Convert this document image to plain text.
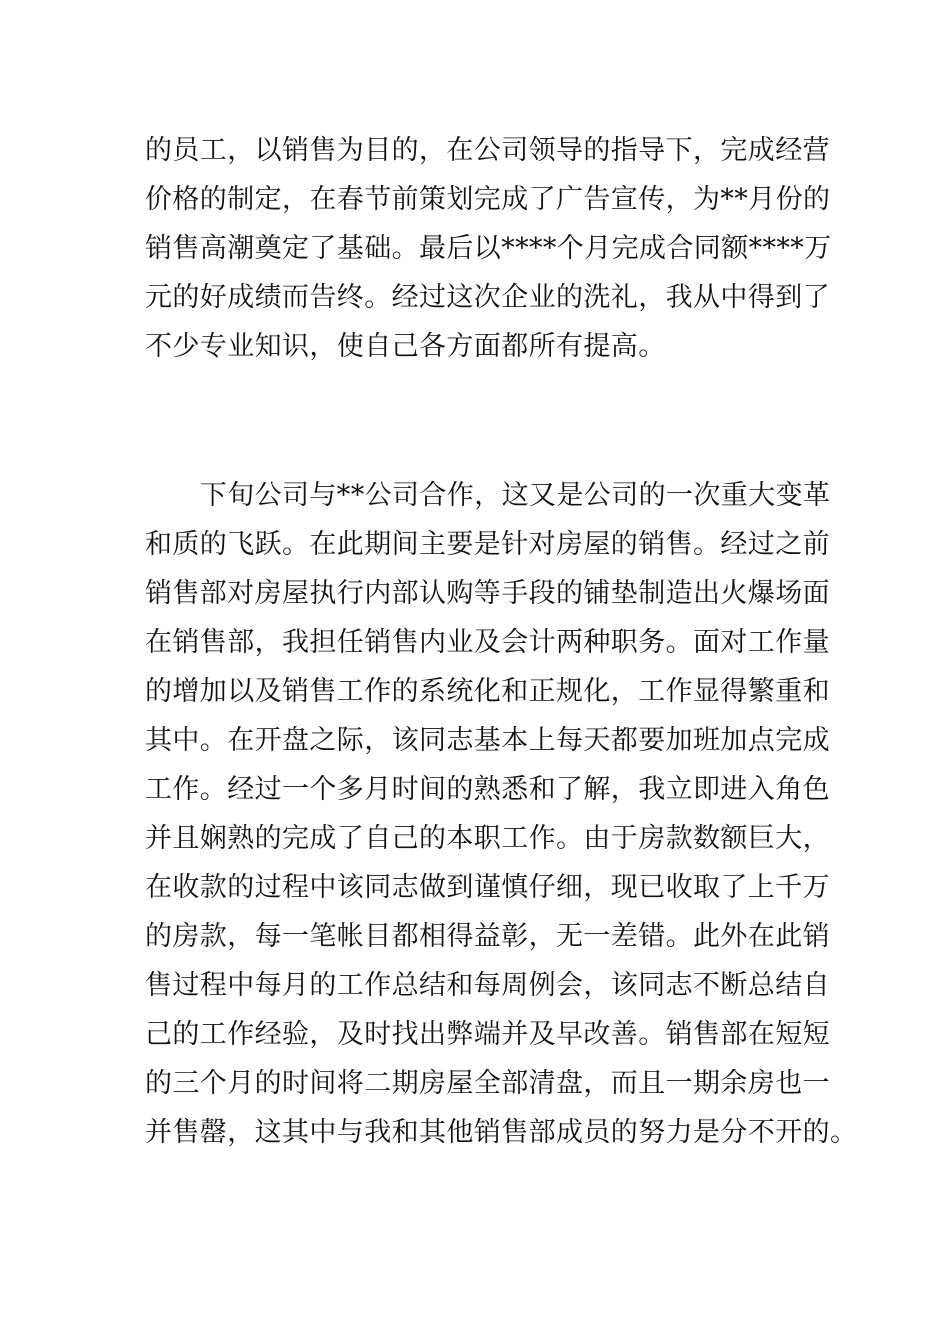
的员工，以销售为目的，在公司领导的指导下，完成经营
价格的制定，在春节前策划完成了广告宣传，为**月份的
销售高潮奠定了基础。最后以****个月完成合同额****万
元的好成绩而告终。经过这次企业的洗礼，我从中得到了
不少专业知识，使自己各方面都所有提高。
　　下旬公司与**公司合作，这又是公司的一次重大变革
和质的飞跃。在此期间主要是针对房屋的销售。经过之前
销售部对房屋执行内部认购等手段的铺垫制造出火爆场面
在销售部，我担任销售内业及会计两种职务。面对工作量
的增加以及销售工作的系统化和正规化，工作显得繁重和
其中。在开盘之际，该同志基本上每天都要加班加点完成
工作。经过一个多月时间的熟悉和了解，我立即进入角色
并且娴熟的完成了自己的本职工作。由于房款数额巨大，
在收款的过程中该同志做到谨慎仔细，现已收取了上千万
的房款，每一笔帐目都相得益彰，无一差错。此外在此销
售过程中每月的工作总结和每周例会，该同志不断总结自
己的工作经验，及时找出弊端并及早改善。销售部在短短
的三个月的时间将二期房屋全部清盘，而且一期余房也一
并售罄，这其中与我和其他销售部成员的努力是分不开的。
